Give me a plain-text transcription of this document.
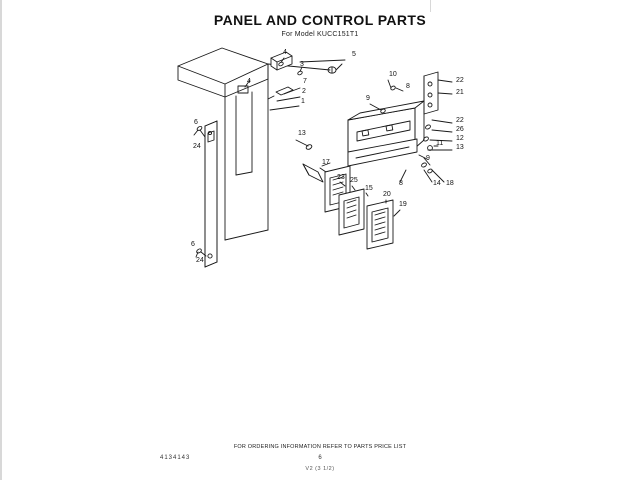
PANEL AND CONTROL PARTS
For Model KUCC151T1
4	5
3
4	7
10
22
21
2
9
8
1
22
26
12
13
11
6
24
13
9
17
14 18
8
23 25
15
20
19
6
24
FOR ORDERING INFORMATION REFER TO PARTS PRICE LIST
4134143	6
V2 (3 1/2)
